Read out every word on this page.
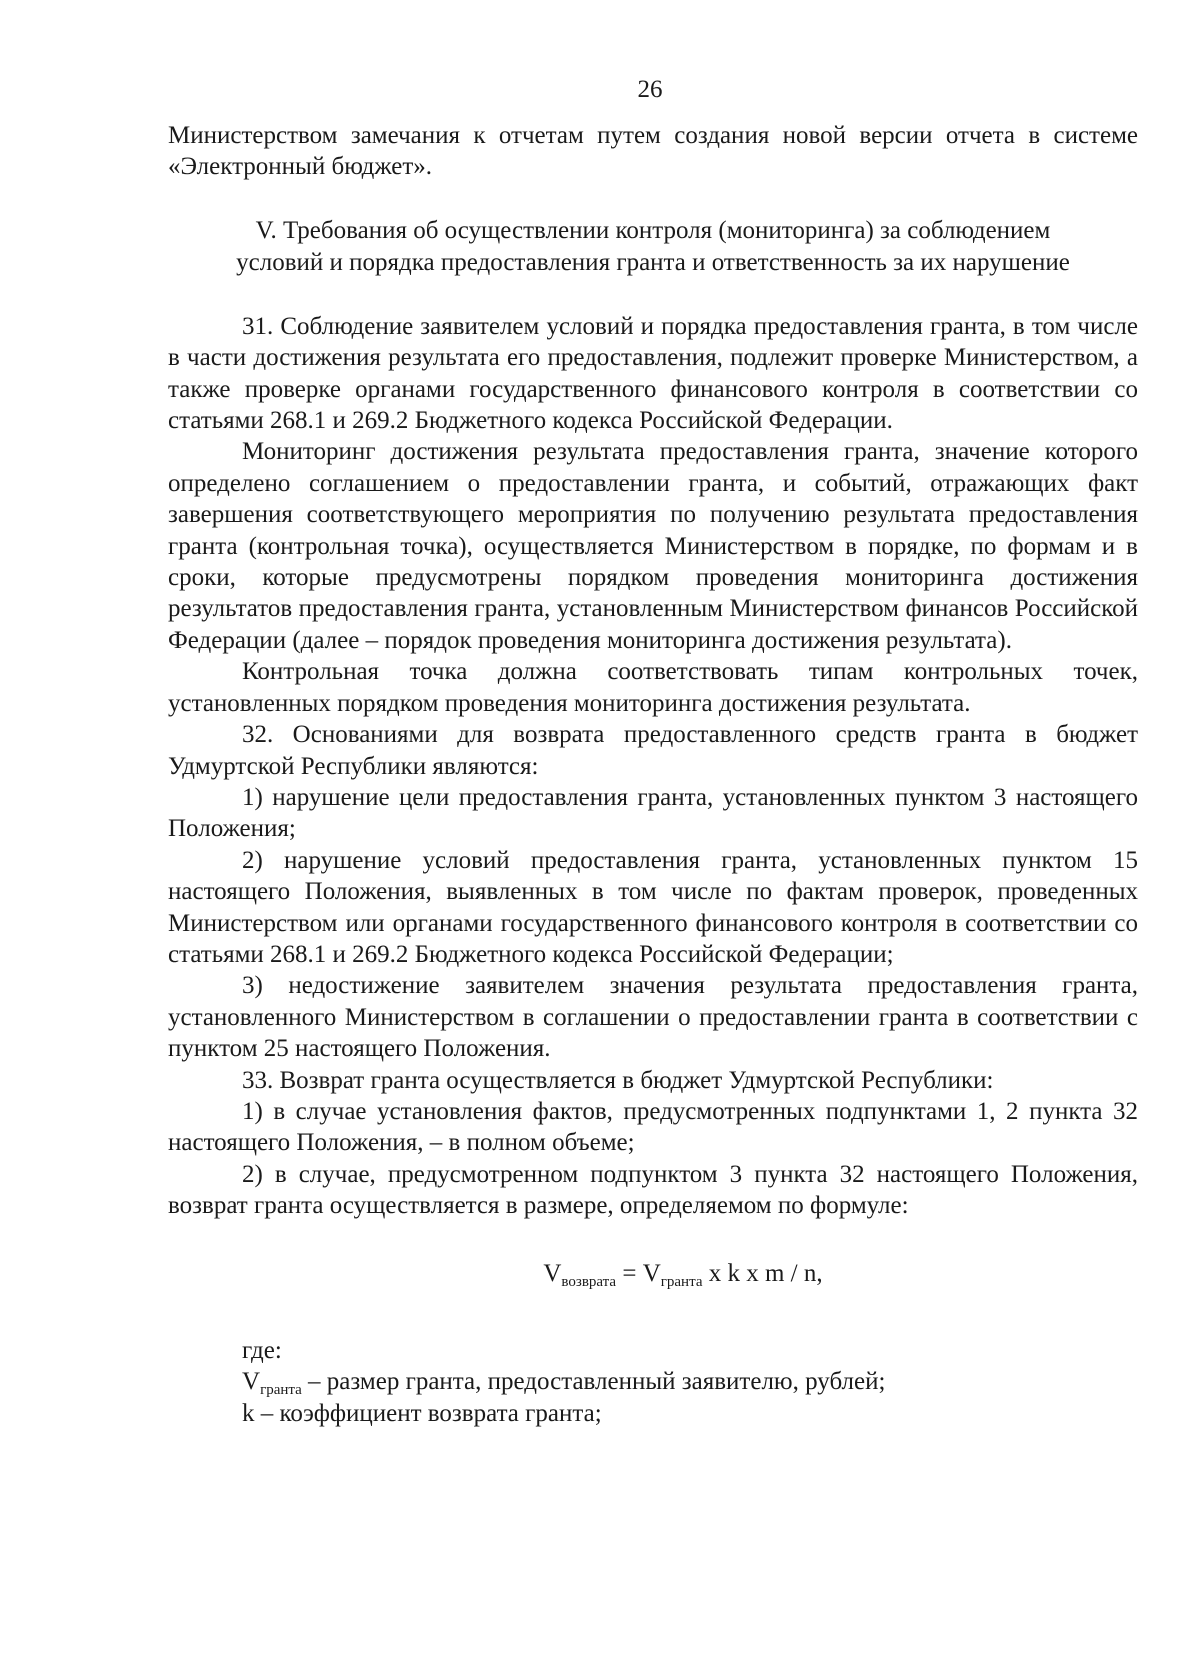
26

Министерством замечания к отчетам путем создания новой версии отчета в системе «Электронный бюджет».

V. Требования об осуществлении контроля (мониторинга) за соблюдением
условий и порядка предоставления гранта и ответственность за их нарушение

31. Соблюдение заявителем условий и порядка предоставления гранта, в том числе в части достижения результата его предоставления, подлежит проверке Министерством, а также проверке органами государственного финансового контроля в соответствии со статьями 268.1 и 269.2 Бюджетного кодекса Российской Федерации.

Мониторинг достижения результата предоставления гранта, значение которого определено соглашением о предоставлении гранта, и событий, отражающих факт завершения соответствующего мероприятия по получению результата предоставления гранта (контрольная точка), осуществляется Министерством в порядке, по формам и в сроки, которые предусмотрены порядком проведения мониторинга достижения результатов предоставления гранта, установленным Министерством финансов Российской Федерации (далее – порядок проведения мониторинга достижения результата).

Контрольная точка должна соответствовать типам контрольных точек, установленных порядком проведения мониторинга достижения результата.

32. Основаниями для возврата предоставленного средств гранта в бюджет Удмуртской Республики являются:

1) нарушение цели предоставления гранта, установленных пунктом 3 настоящего Положения;

2) нарушение условий предоставления гранта, установленных пунктом 15 настоящего Положения, выявленных в том числе по фактам проверок, проведенных Министерством или органами государственного финансового контроля в соответствии со статьями 268.1 и 269.2 Бюджетного кодекса Российской Федерации;

3) недостижение заявителем значения результата предоставления гранта, установленного Министерством в соглашении о предоставлении гранта в соответствии с пунктом 25 настоящего Положения.

33. Возврат гранта осуществляется в бюджет Удмуртской Республики:

1) в случае установления фактов, предусмотренных подпунктами 1, 2 пункта 32 настоящего Положения, – в полном объеме;

2) в случае, предусмотренном подпунктом 3 пункта 32 настоящего Положения, возврат гранта осуществляется в размере, определяемом по формуле:

$V_{возврата} = V_{гранта}$ x k x m / n,
где:
$V_{гранта}$ – размер гранта, предоставленный заявителю, рублей;
k – коэффициент возврата гранта;
